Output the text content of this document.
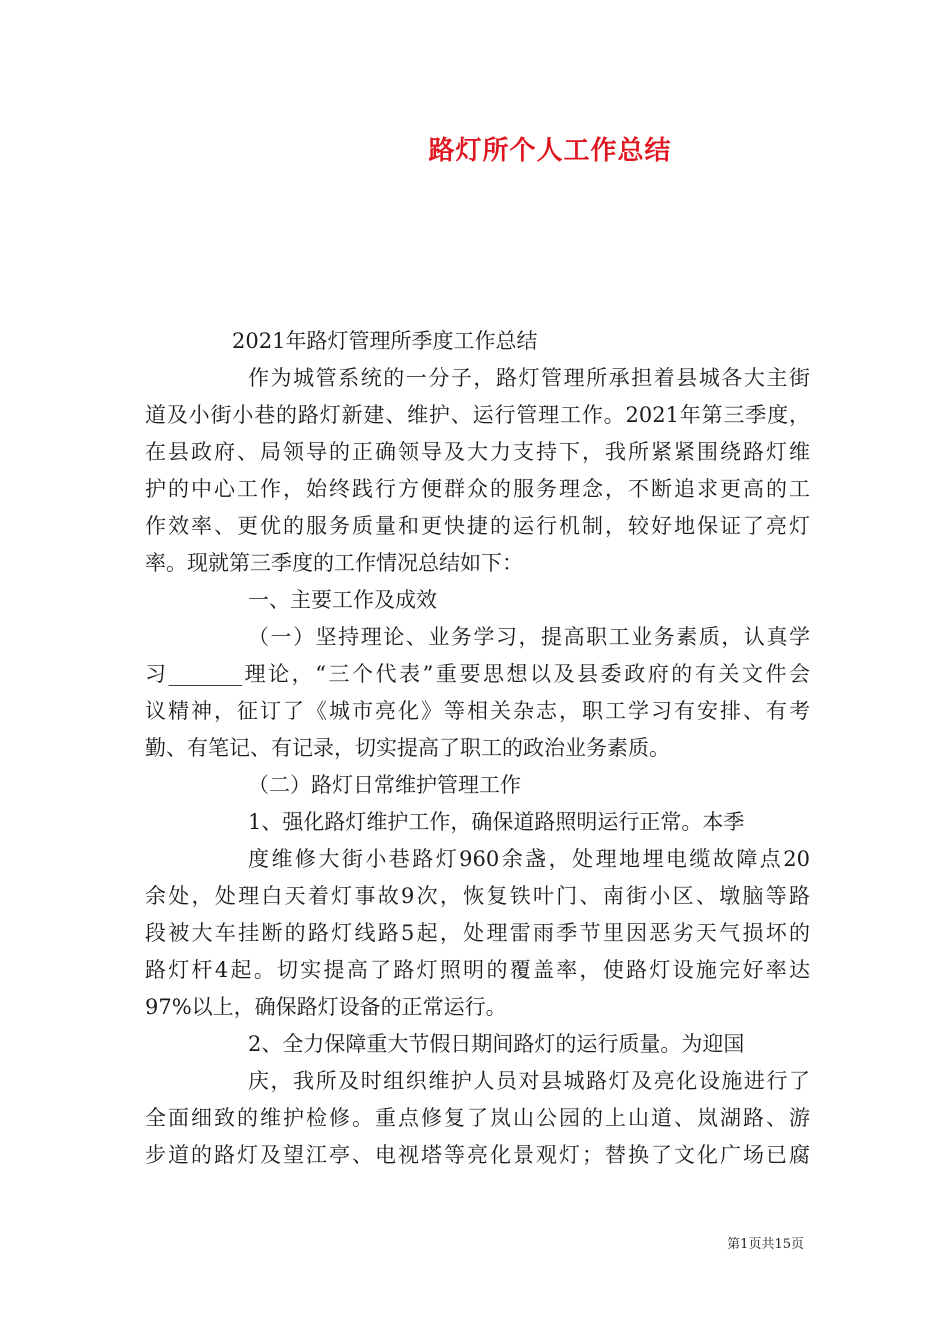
路灯所个人工作总结
2021年路灯管理所季度工作总结
作为城管系统的一分子，路灯管理所承担着县城各大主街
道及小街小巷的路灯新建、维护、运行管理工作。2021年第三季度，
在县政府、局领导的正确领导及大力支持下，我所紧紧围绕路灯维
护的中心工作，始终践行方便群众的服务理念，不断追求更高的工
作效率、更优的服务质量和更快捷的运行机制，较好地保证了亮灯
率。现就第三季度的工作情况总结如下：
一、主要工作及成效
（一）坚持理论、业务学习，提高职工业务素质，认真学
习_______理论，“三个代表”重要思想以及县委政府的有关文件会
议精神，征订了《城市亮化》等相关杂志，职工学习有安排、有考
勤、有笔记、有记录，切实提高了职工的政治业务素质。
（二）路灯日常维护管理工作
1、强化路灯维护工作，确保道路照明运行正常。本季
度维修大街小巷路灯960余盏，处理地埋电缆故障点20
余处，处理白天着灯事故9次，恢复铁叶门、南街小区、墩脑等路
段被大车挂断的路灯线路5起，处理雷雨季节里因恶劣天气损坏的
路灯杆4起。切实提高了路灯照明的覆盖率，使路灯设施完好率达
97%以上，确保路灯设备的正常运行。
2、全力保障重大节假日期间路灯的运行质量。为迎国
庆，我所及时组织维护人员对县城路灯及亮化设施进行了
全面细致的维护检修。重点修复了岚山公园的上山道、岚湖路、游
步道的路灯及望江亭、电视塔等亮化景观灯；替换了文化广场已腐
第1页共15页
